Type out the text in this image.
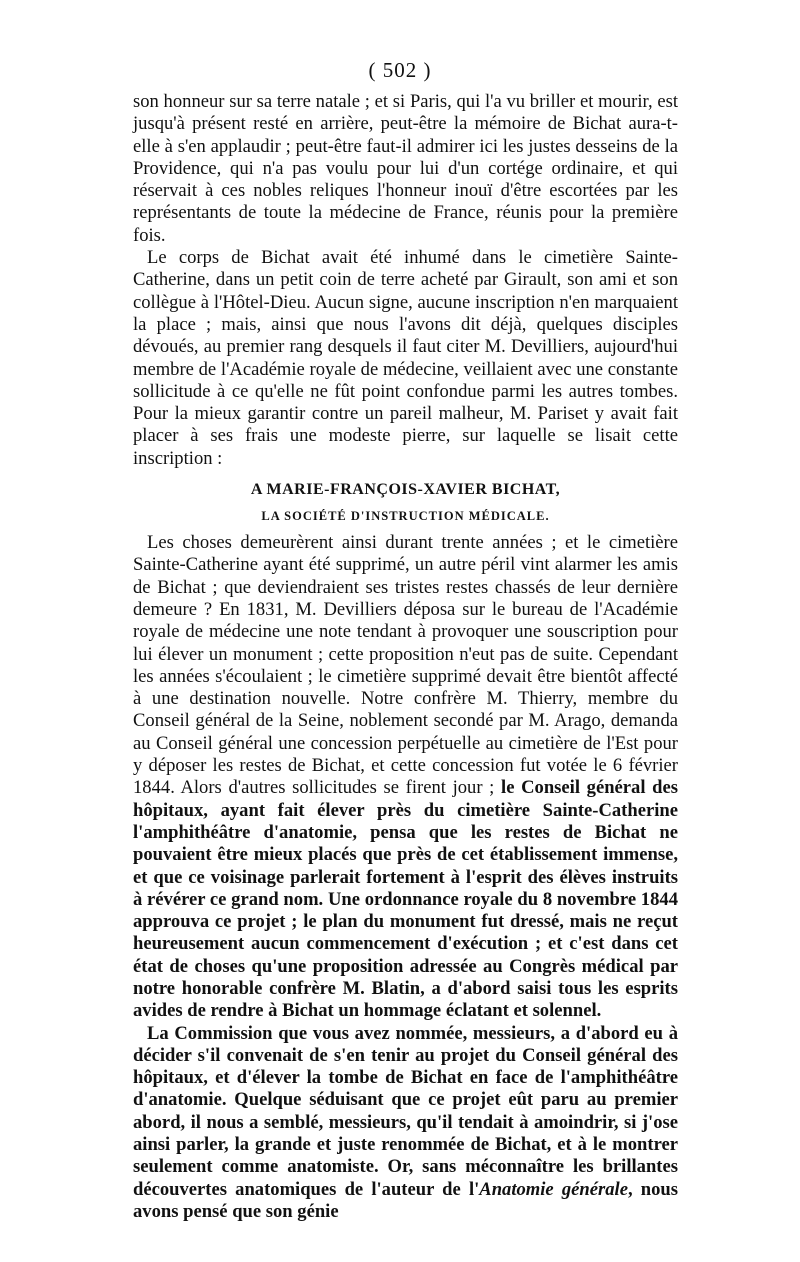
( 502 )

son honneur sur sa terre natale ; et si Paris, qui l'a vu briller et mourir, est jusqu'à présent resté en arrière, peut-être la mémoire de Bichat aura-t-elle à s'en applaudir ; peut-être faut-il admirer ici les justes desseins de la Providence, qui n'a pas voulu pour lui d'un cortége ordinaire, et qui réservait à ces nobles reliques l'honneur inouï d'être escortées par les représentants de toute la médecine de France, réunis pour la première fois.

Le corps de Bichat avait été inhumé dans le cimetière Sainte-Catherine, dans un petit coin de terre acheté par Girault, son ami et son collègue à l'Hôtel-Dieu. Aucun signe, aucune inscription n'en marquaient la place ; mais, ainsi que nous l'avons dit déjà, quelques disciples dévoués, au premier rang desquels il faut citer M. Devilliers, aujourd'hui membre de l'Académie royale de médecine, veillaient avec une constante sollicitude à ce qu'elle ne fût point confondue parmi les autres tombes. Pour la mieux garantir contre un pareil malheur, M. Pariset y avait fait placer à ses frais une modeste pierre, sur laquelle se lisait cette inscription :

A MARIE-FRANÇOIS-XAVIER BICHAT,
LA SOCIÉTÉ D'INSTRUCTION MÉDICALE.

Les choses demeurèrent ainsi durant trente années ; et le cimetière Sainte-Catherine ayant été supprimé, un autre péril vint alarmer les amis de Bichat ; que deviendraient ses tristes restes chassés de leur dernière demeure ? En 1831, M. Devilliers déposa sur le bureau de l'Académie royale de médecine une note tendant à provoquer une souscription pour lui élever un monument ; cette proposition n'eut pas de suite. Cependant les années s'écoulaient ; le cimetière supprimé devait être bientôt affecté à une destination nouvelle. Notre confrère M. Thierry, membre du Conseil général de la Seine, noblement secondé par M. Arago, demanda au Conseil général une concession perpétuelle au cimetière de l'Est pour y déposer les restes de Bichat, et cette concession fut votée le 6 février 1844. Alors d'autres sollicitudes se firent jour ; le Conseil général des hôpitaux, ayant fait élever près du cimetière Sainte-Catherine l'amphithéâtre d'anatomie, pensa que les restes de Bichat ne pouvaient être mieux placés que près de cet établissement immense, et que ce voisinage parlerait fortement à l'esprit des élèves instruits à révérer ce grand nom. Une ordonnance royale du 8 novembre 1844 approuva ce projet ; le plan du monument fut dressé, mais ne reçut heureusement aucun commencement d'exécution ; et c'est dans cet état de choses qu'une proposition adressée au Congrès médical par notre honorable confrère M. Blatin, a d'abord saisi tous les esprits avides de rendre à Bichat un hommage éclatant et solennel.

La Commission que vous avez nommée, messieurs, a d'abord eu à décider s'il convenait de s'en tenir au projet du Conseil général des hôpitaux, et d'élever la tombe de Bichat en face de l'amphithéâtre d'anatomie. Quelque séduisant que ce projet eût paru au premier abord, il nous a semblé, messieurs, qu'il tendait à amoindrir, si j'ose ainsi parler, la grande et juste renommée de Bichat, et à le montrer seulement comme anatomiste. Or, sans méconnaître les brillantes découvertes anatomiques de l'auteur de l'Anatomie générale, nous avons pensé que son génie
